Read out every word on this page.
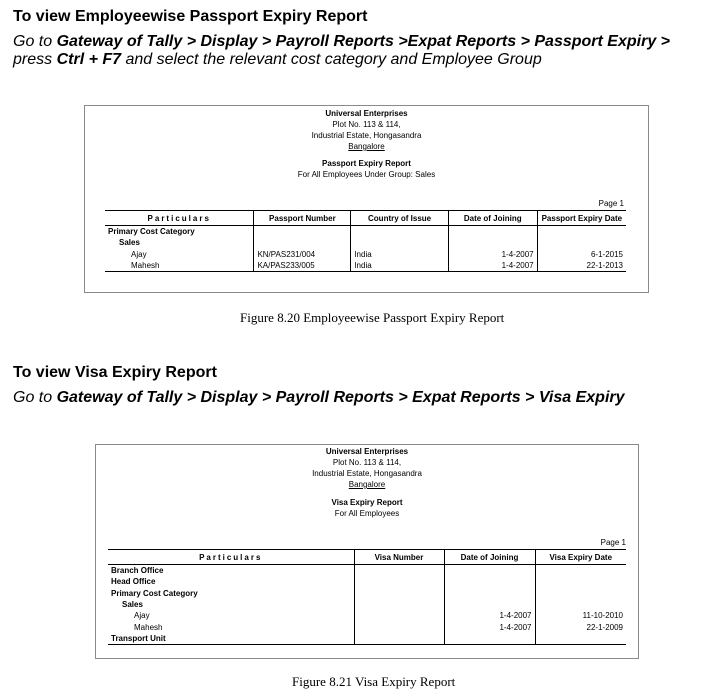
To view Employeewise Passport Expiry Report
Go to Gateway of Tally > Display > Payroll Reports >Expat Reports > Passport Expiry >
press Ctrl + F7 and select the relevant cost category and Employee Group
Universal Enterprises
Plot No. 113 & 114,
Industrial Estate, Hongasandra
Bangalore
Passport Expiry Report
For All Employees Under Group: Sales
Page 1
Particulars	Passport Number	Country of Issue	Date of Joining	Passport Expiry Date
Primary Cost Category				
Sales				
Ajay	KN/PAS231/004	India	1-4-2007	6-1-2015
Mahesh	KA/PAS233/005	India	1-4-2007	22-1-2013
Figure 8.20 Employeewise Passport Expiry Report
To view Visa Expiry Report
Go to Gateway of Tally > Display > Payroll Reports > Expat Reports > Visa Expiry
Universal Enterprises
Plot No. 113 & 114,
Industrial Estate, Hongasandra
Bangalore
Visa Expiry Report
For All Employees
Page 1
Particulars	Visa Number	Date of Joining	Visa Expiry Date
Branch Office			
Head Office			
Primary Cost Category			
Sales			
Ajay		1-4-2007	11-10-2010
Mahesh		1-4-2007	22-1-2009
Transport Unit			
Figure 8.21 Visa Expiry Report
